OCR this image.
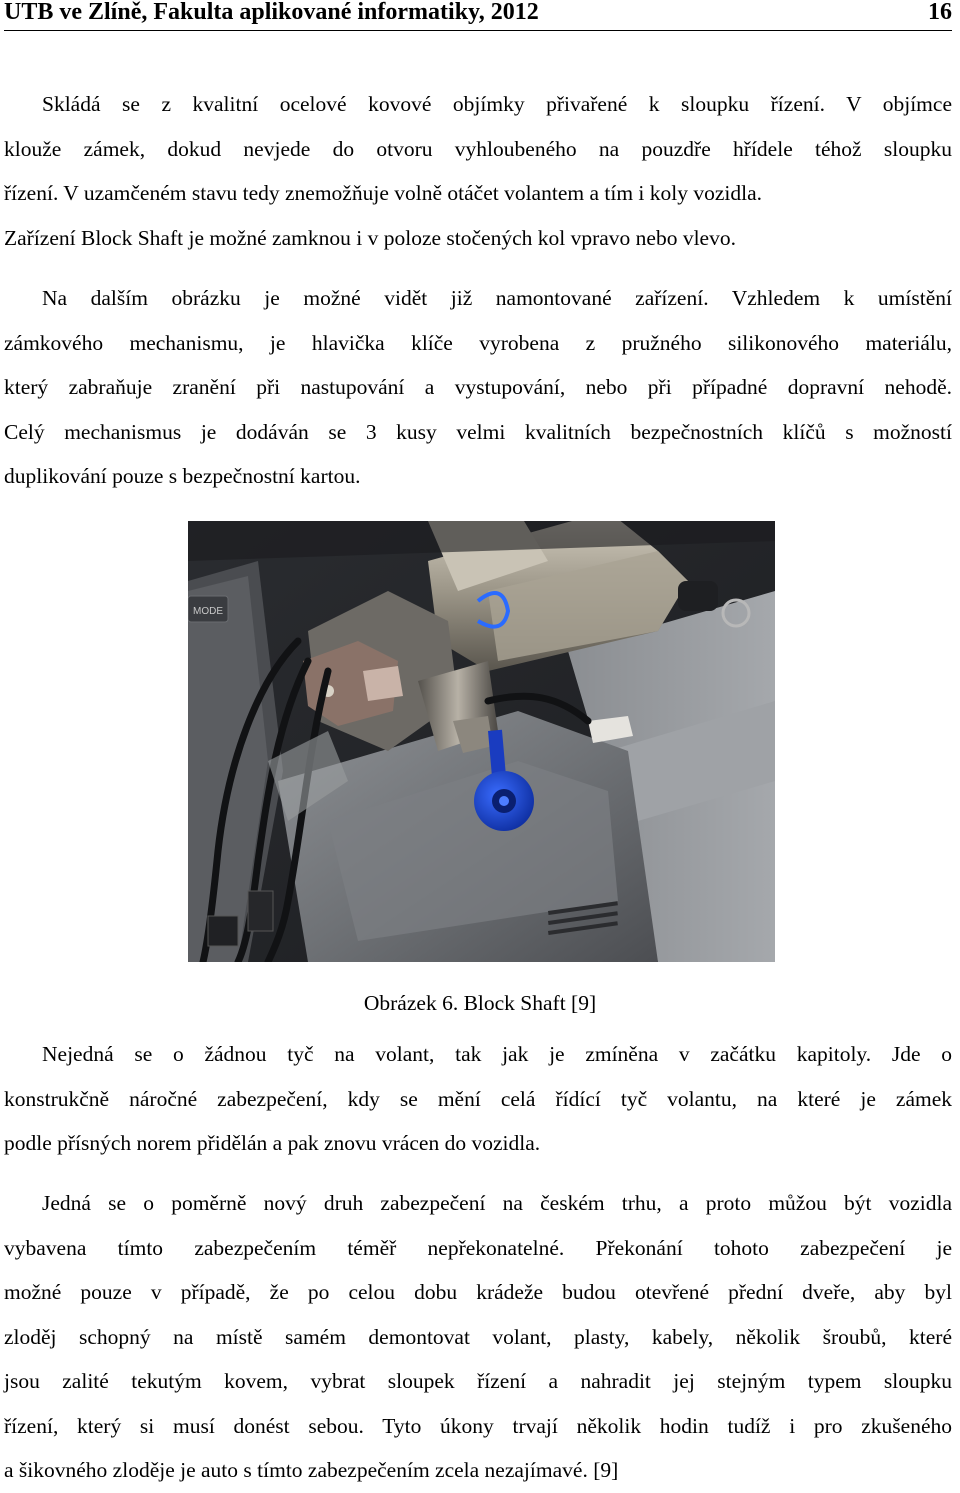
UTB ve Zlíně, Fakulta aplikované informatiky, 2012	16
Skládá se z kvalitní ocelové kovové objímky přivařené k sloupku řízení. V objímce
klouže zámek, dokud nevjede do otvoru vyhloubeného na pouzdře hřídele téhož sloupku
řízení. V uzamčeném stavu tedy znemožňuje volně otáčet volantem a tím i koly vozidla.
Zařízení Block Shaft je možné zamknou i v poloze stočených kol vpravo nebo vlevo.
Na dalším obrázku je možné vidět již namontované zařízení. Vzhledem k umístění
zámkového mechanismu, je hlavička klíče vyrobena z pružného silikonového materiálu,
který zabraňuje zranění při nastupování a vystupování, nebo při případné dopravní nehodě.
Celý mechanismus je dodáván se 3 kusy velmi kvalitních bezpečnostních klíčů s možností
duplikování pouze s bezpečnostní kartou.
MODE
Obrázek 6. Block Shaft [9]
Nejedná se o žádnou tyč na volant, tak jak je zmíněna v začátku kapitoly. Jde o
konstrukčně náročné zabezpečení, kdy se mění celá řídící tyč volantu, na které je zámek
podle přísných norem přidělán a pak znovu vrácen do vozidla.
Jedná se o poměrně nový druh zabezpečení na českém trhu, a proto můžou být vozidla
vybavena tímto zabezpečením téměř nepřekonatelné. Překonání tohoto zabezpečení je
možné pouze v případě, že po celou dobu krádeže budou otevřené přední dveře, aby byl
zloděj schopný na místě samém demontovat volant, plasty, kabely, několik šroubů, které
jsou zalité tekutým kovem, vybrat sloupek řízení a nahradit jej stejným typem sloupku
řízení, který si musí donést sebou. Tyto úkony trvají několik hodin tudíž i pro zkušeného
a šikovného zloděje je auto s tímto zabezpečením zcela nezajímavé. [9]
